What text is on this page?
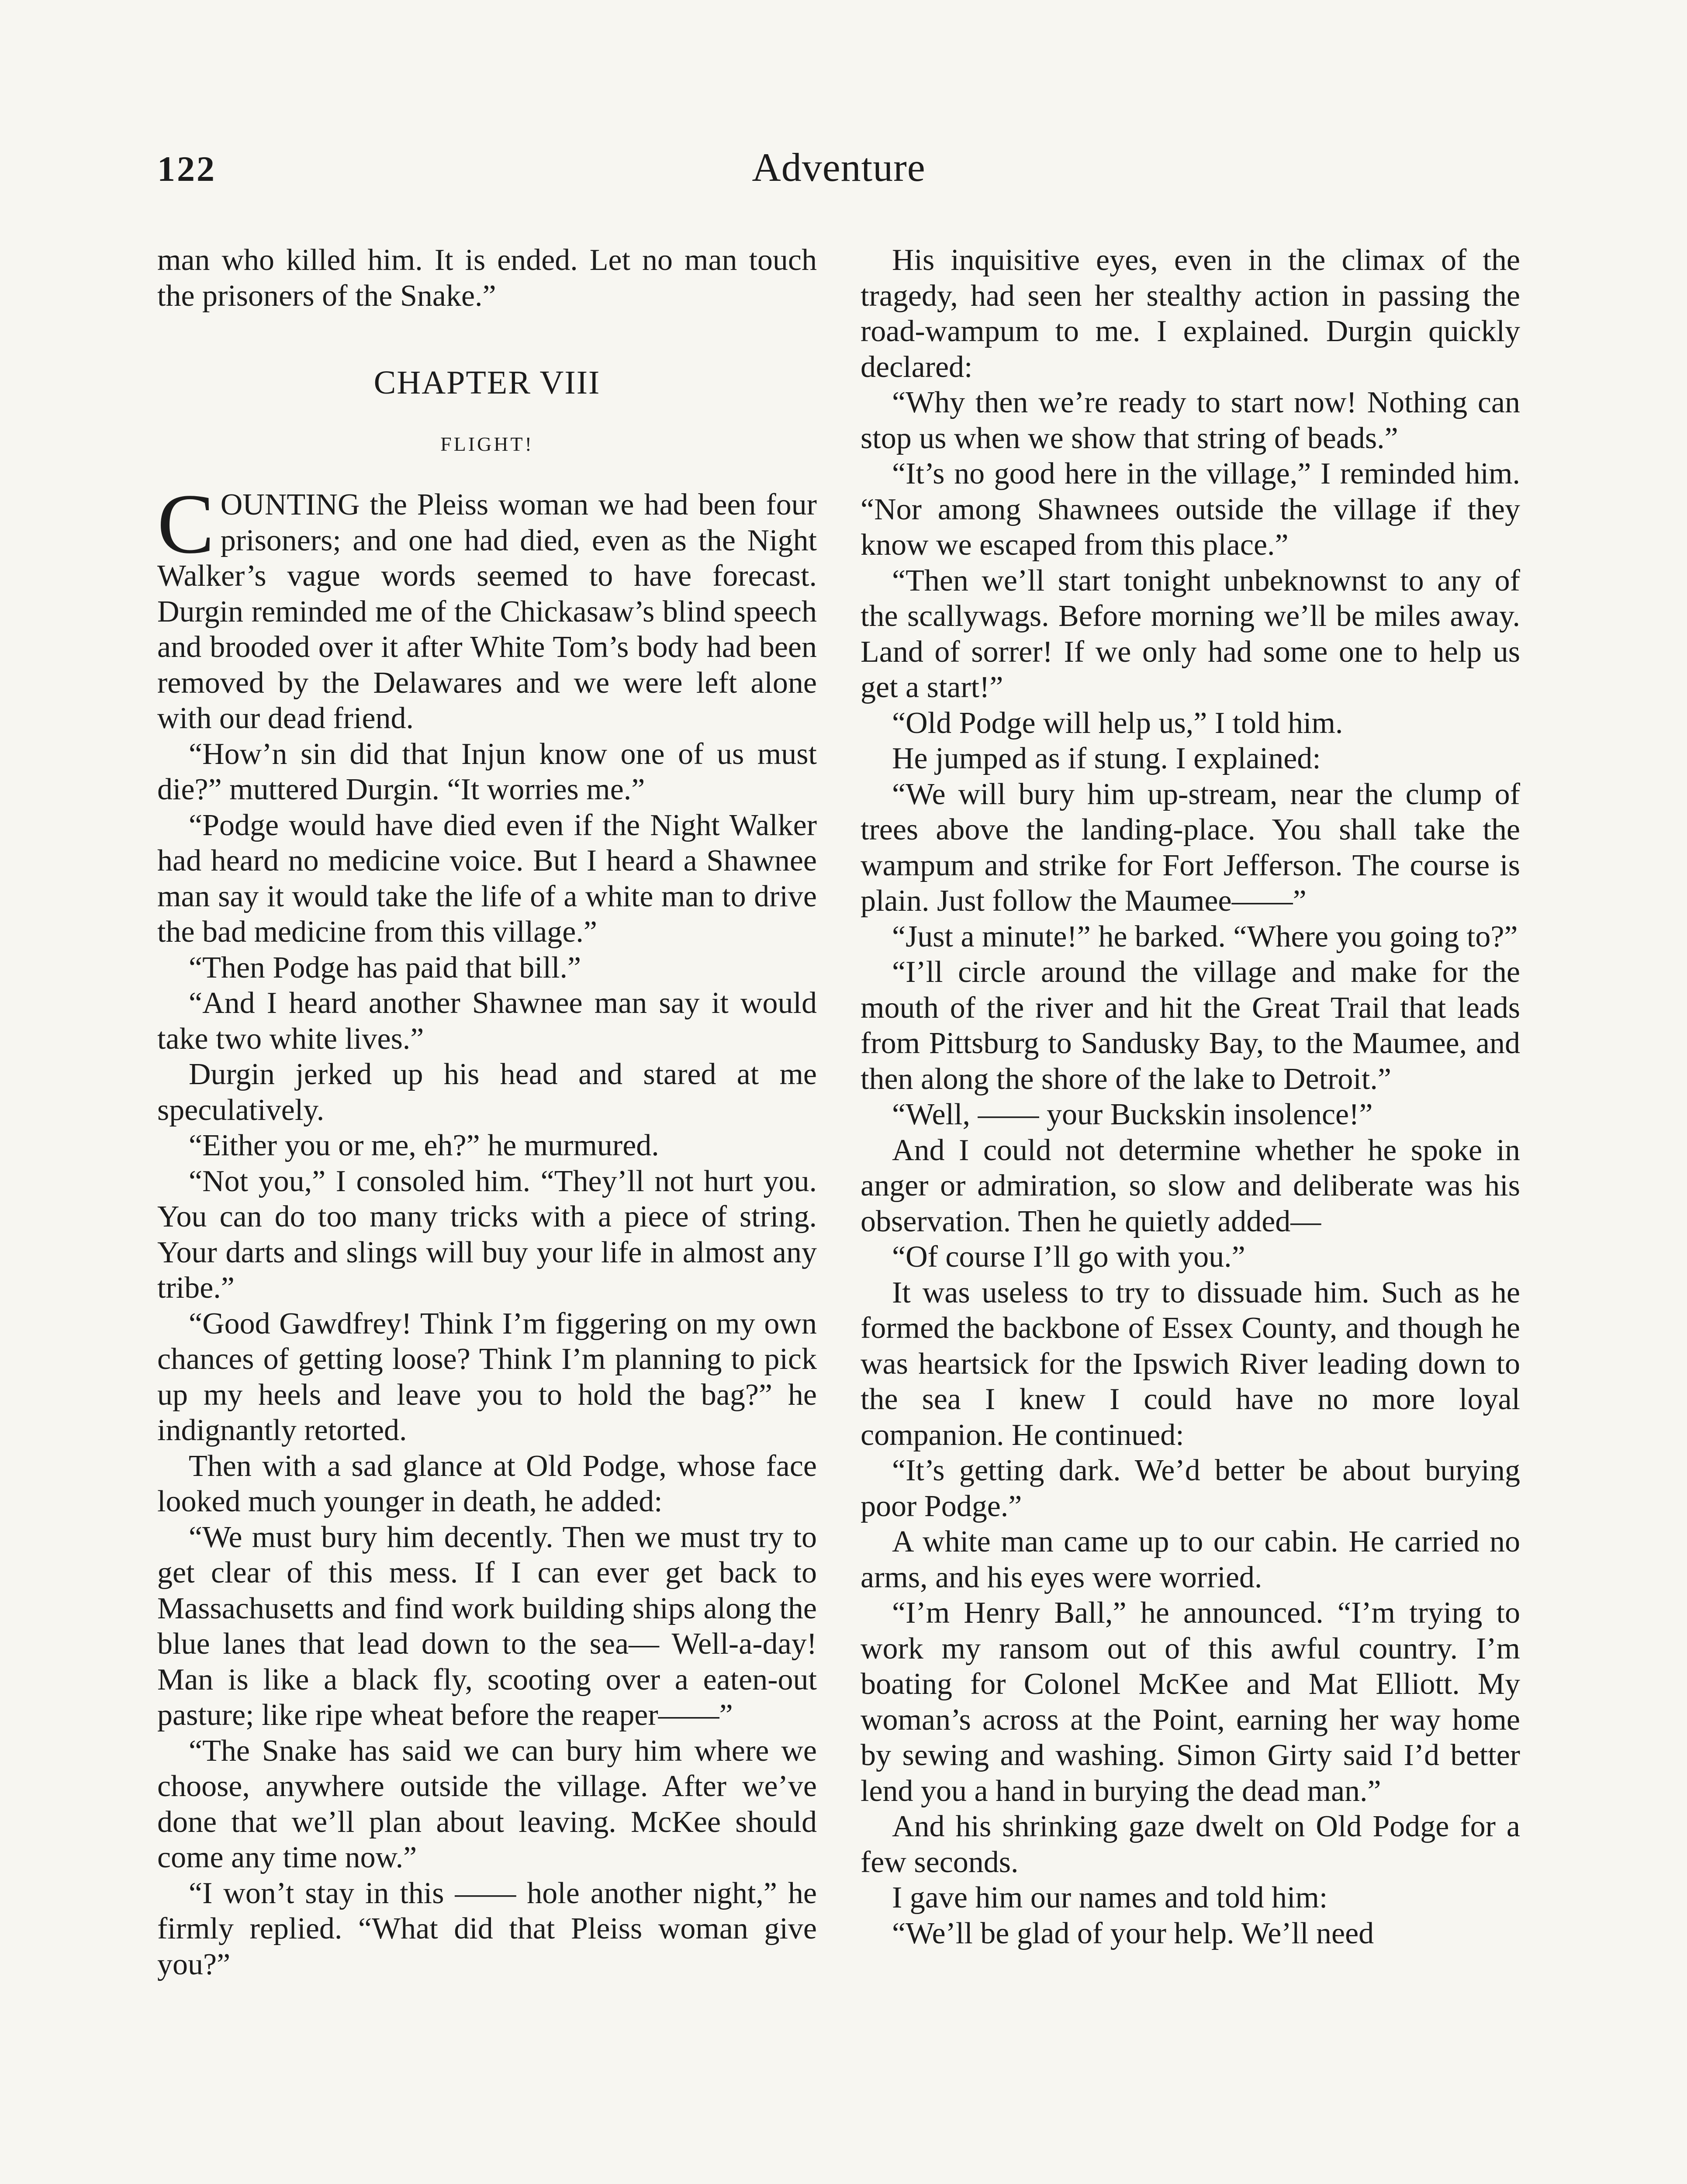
122	Adventure

man who killed him. It is ended. Let no man touch the prisoners of the Snake.”

CHAPTER VIII
FLIGHT!

COUNTING the Pleiss woman we had been four prisoners; and one had died, even as the Night Walker’s vague words seemed to have forecast. Durgin reminded me of the Chickasaw’s blind speech and brooded over it after White Tom’s body had been removed by the Delawares and we were left alone with our dead friend.

“How’n sin did that Injun know one of us must die?” muttered Durgin. “It worries me.”

“Podge would have died even if the Night Walker had heard no medicine voice. But I heard a Shawnee man say it would take the life of a white man to drive the bad medicine from this village.”

“Then Podge has paid that bill.”

“And I heard another Shawnee man say it would take two white lives.”

Durgin jerked up his head and stared at me speculatively.

“Either you or me, eh?” he murmured.

“Not you,” I consoled him. “They’ll not hurt you. You can do too many tricks with a piece of string. Your darts and slings will buy your life in almost any tribe.”

“Good Gawdfrey! Think I’m figgering on my own chances of getting loose? Think I’m planning to pick up my heels and leave you to hold the bag?” he indignantly retorted.

Then with a sad glance at Old Podge, whose face looked much younger in death, he added:

“We must bury him decently. Then we must try to get clear of this mess. If I can ever get back to Massachusetts and find work building ships along the blue lanes that lead down to the sea— Well-a-day! Man is like a black fly, scooting over a eaten-out pasture; like ripe wheat before the reaper——”

“The Snake has said we can bury him where we choose, anywhere outside the village. After we’ve done that we’ll plan about leaving. McKee should come any time now.”

“I won’t stay in this —— hole another night,” he firmly replied. “What did that Pleiss woman give you?”

His inquisitive eyes, even in the climax of the tragedy, had seen her stealthy action in passing the road-wampum to me. I explained. Durgin quickly declared:

“Why then we’re ready to start now! Nothing can stop us when we show that string of beads.”

“It’s no good here in the village,” I reminded him. “Nor among Shawnees outside the village if they know we escaped from this place.”

“Then we’ll start tonight unbeknownst to any of the scallywags. Before morning we’ll be miles away. Land of sorrer! If we only had some one to help us get a start!”

“Old Podge will help us,” I told him.

He jumped as if stung. I explained:

“We will bury him up-stream, near the clump of trees above the landing-place. You shall take the wampum and strike for Fort Jefferson. The course is plain. Just follow the Maumee——”

“Just a minute!” he barked. “Where you going to?”

“I’ll circle around the village and make for the mouth of the river and hit the Great Trail that leads from Pittsburg to Sandusky Bay, to the Maumee, and then along the shore of the lake to Detroit.”

“Well, —— your Buckskin insolence!”

And I could not determine whether he spoke in anger or admiration, so slow and deliberate was his observation. Then he quietly added—

“Of course I’ll go with you.”

It was useless to try to dissuade him. Such as he formed the backbone of Essex County, and though he was heartsick for the Ipswich River leading down to the sea I knew I could have no more loyal companion. He continued:

“It’s getting dark. We’d better be about burying poor Podge.”

A white man came up to our cabin. He carried no arms, and his eyes were worried.

“I’m Henry Ball,” he announced. “I’m trying to work my ransom out of this awful country. I’m boating for Colonel McKee and Mat Elliott. My woman’s across at the Point, earning her way home by sewing and washing. Simon Girty said I’d better lend you a hand in burying the dead man.”

And his shrinking gaze dwelt on Old Podge for a few seconds.

I gave him our names and told him:

“We’ll be glad of your help. We’ll need
